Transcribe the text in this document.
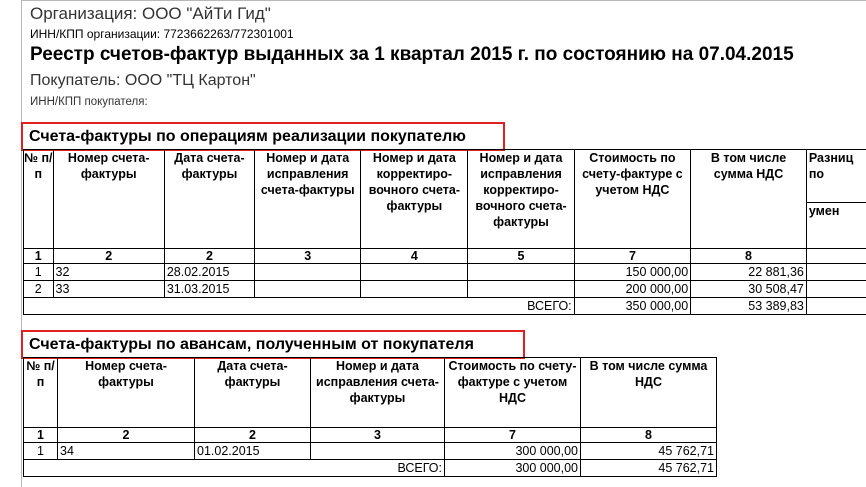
Организация: ООО "АйТи Гид"
ИНН/КПП организации: 7723662263/772301001
Реестр счетов-фактур выданных за 1 квартал 2015 г. по состоянию на 07.04.2015
Покупатель: ООО "ТЦ Картон"
ИНН/КПП покупателя:
Счета-фактуры по операциям реализации покупателю
№ п/п	Номер счета-фактуры	Дата счета-фактуры	Номер и дата исправления счета-фактуры	Номер и дата корректиро-вочного счета-фактуры	Номер и дата исправления корректиро-вочного счета-фактуры	Стоимость по счету-фактуре с учетом НДС	В том числе сумма НДС	Разниц по
								умен
1	2	2	3	4	5	7	8	
1	32	28.02.2015				150 000,00	22 881,36	
2	33	31.03.2015				200 000,00	30 508,47	
ВСЕГО:						350 000,00	53 389,83	
Счета-фактуры по авансам, полученным от покупателя
№ п/п	Номер счета-фактуры	Дата счета-фактуры	Номер и дата исправления счета-фактуры	Стоимость по счету-фактуре с учетом НДС	В том числе сумма НДС
1	2	2	3	7	8
1	34	01.02.2015		300 000,00	45 762,71
ВСЕГО:				300 000,00	45 762,71
